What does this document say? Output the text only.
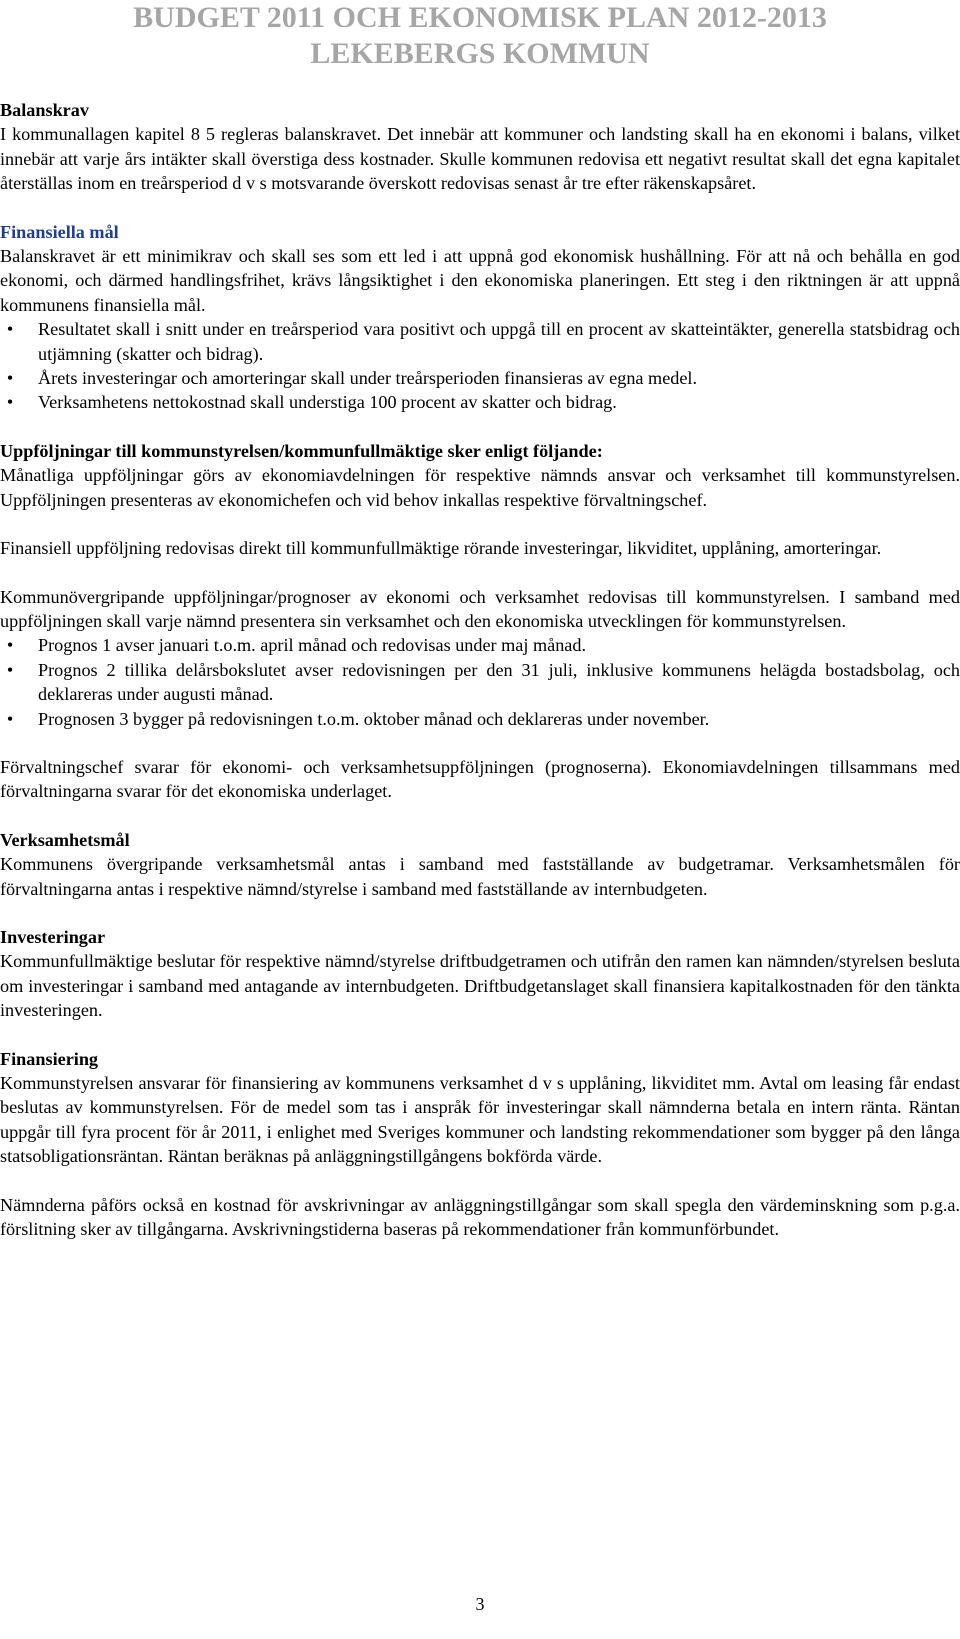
BUDGET 2011 OCH EKONOMISK PLAN 2012-2013
LEKEBERGS KOMMUN
Balanskrav

I kommunallagen kapitel 8 5 regleras balanskravet. Det innebär att kommuner och landsting skall ha en ekonomi i balans, vilket innebär att varje års intäkter skall överstiga dess kostnader. Skulle kommunen redovisa ett negativt resultat skall det egna kapitalet återställas inom en treårsperiod d v s motsvarande överskott redovisas senast år tre efter räkenskapsåret.

Finansiella mål

Balanskravet är ett minimikrav och skall ses som ett led i att uppnå god ekonomisk hushållning. För att nå och behålla en god ekonomi, och därmed handlingsfrihet, krävs långsiktighet i den ekonomiska planeringen. Ett steg i den riktningen är att uppnå kommunens finansiella mål.

•	Resultatet skall i snitt under en treårsperiod vara positivt och uppgå till en procent av skatteintäkter, generella statsbidrag och utjämning (skatter och bidrag).
•	Årets investeringar och amorteringar skall under treårsperioden finansieras av egna medel.
•	Verksamhetens nettokostnad skall understiga 100 procent av skatter och bidrag.
Uppföljningar till kommunstyrelsen/kommunfullmäktige sker enligt följande:

Månatliga uppföljningar görs av ekonomiavdelningen för respektive nämnds ansvar och verksamhet till kommunstyrelsen. Uppföljningen presenteras av ekonomichefen och vid behov inkallas respektive förvaltningschef.

Finansiell uppföljning redovisas direkt till kommunfullmäktige rörande investeringar, likviditet, upplåning, amorteringar.

Kommunövergripande uppföljningar/prognoser av ekonomi och verksamhet redovisas till kommunstyrelsen. I samband med uppföljningen skall varje nämnd presentera sin verksamhet och den ekonomiska utvecklingen för kommunstyrelsen.

•	Prognos 1 avser januari t.o.m. april månad och redovisas under maj månad.
•	Prognos 2 tillika delårsbokslutet avser redovisningen per den 31 juli, inklusive kommunens helägda bostadsbolag, och deklareras under augusti månad.
•	Prognosen 3 bygger på redovisningen t.o.m. oktober månad och deklareras under november.

Förvaltningschef svarar för ekonomi- och verksamhetsuppföljningen (prognoserna). Ekonomiavdelningen tillsammans med förvaltningarna svarar för det ekonomiska underlaget.

Verksamhetsmål

Kommunens övergripande verksamhetsmål antas i samband med fastställande av budgetramar. Verksamhetsmålen för förvaltningarna antas i respektive nämnd/styrelse i samband med fastställande av internbudgeten.

Investeringar

Kommunfullmäktige beslutar för respektive nämnd/styrelse driftbudgetramen och utifrån den ramen kan nämnden/styrelsen besluta om investeringar i samband med antagande av internbudgeten. Driftbudgetanslaget skall finansiera kapitalkostnaden för den tänkta investeringen.

Finansiering

Kommunstyrelsen ansvarar för finansiering av kommunens verksamhet d v s upplåning, likviditet mm. Avtal om leasing får endast beslutas av kommunstyrelsen. För de medel som tas i anspråk för investeringar skall nämnderna betala en intern ränta. Räntan uppgår till fyra procent för år 2011, i enlighet med Sveriges kommuner och landsting rekommendationer som bygger på den långa statsobligationsräntan. Räntan beräknas på anläggningstillgångens bokförda värde.

Nämnderna påförs också en kostnad för avskrivningar av anläggningstillgångar som skall spegla den värdeminskning som p.g.a. förslitning sker av tillgångarna. Avskrivningstiderna baseras på rekommendationer från kommunförbundet.

3
